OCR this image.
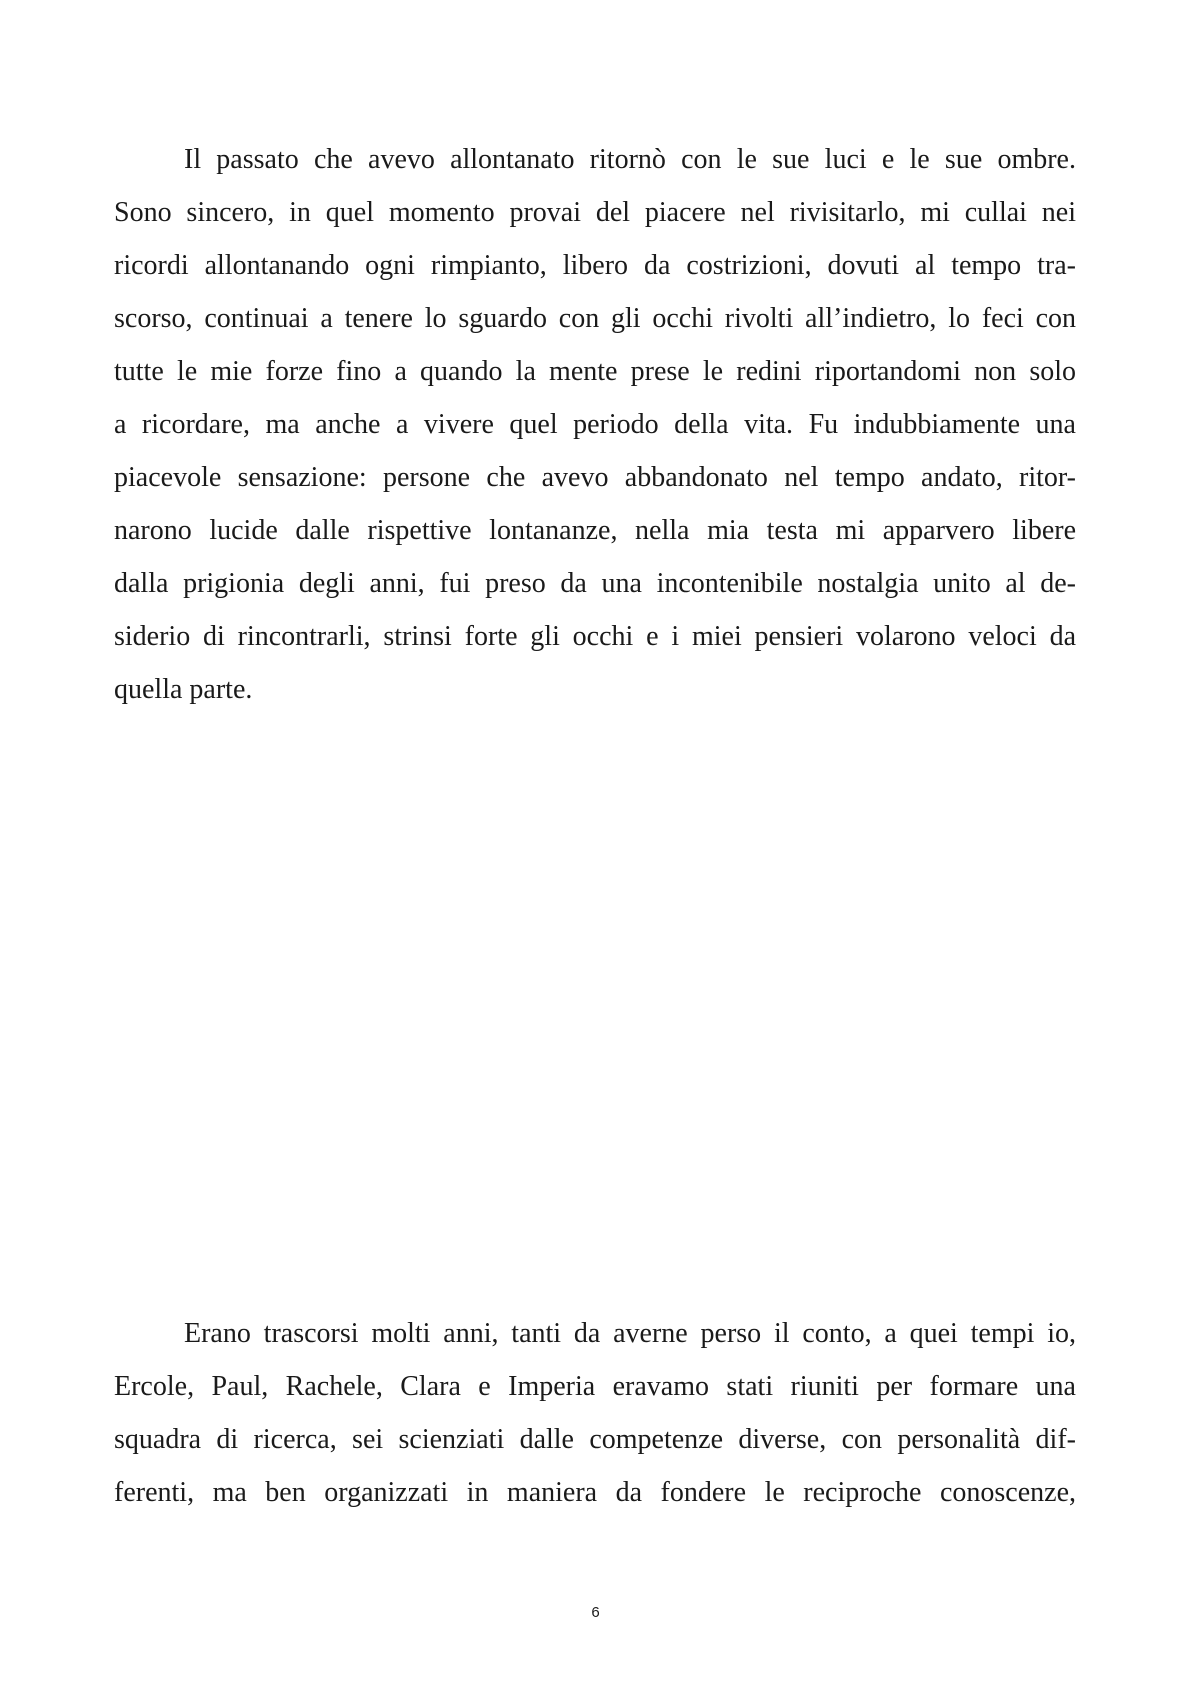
Il passato che avevo allontanato ritornò con le sue luci e le sue ombre.
Sono sincero, in quel momento provai del piacere nel rivisitarlo, mi cullai nei
ricordi allontanando ogni rimpianto, libero da costrizioni, dovuti al tempo tra-
scorso, continuai a tenere lo sguardo con gli occhi rivolti all’indietro, lo feci con
tutte le mie forze fino a quando la mente prese le redini riportandomi non solo
a ricordare, ma anche a vivere quel periodo della vita. Fu indubbiamente una
piacevole sensazione: persone che avevo abbandonato nel tempo andato, ritor-
narono lucide dalle rispettive lontananze, nella mia testa mi apparvero libere
dalla prigionia degli anni, fui preso da una incontenibile nostalgia unito al de-
siderio di rincontrarli, strinsi forte gli occhi e i miei pensieri volarono veloci da
quella parte.
Erano trascorsi molti anni, tanti da averne perso il conto, a quei tempi io,
Ercole, Paul, Rachele, Clara e Imperia eravamo stati riuniti per formare una
squadra di ricerca, sei scienziati dalle competenze diverse, con personalità dif-
ferenti, ma ben organizzati in maniera da fondere le reciproche conoscenze,
6
